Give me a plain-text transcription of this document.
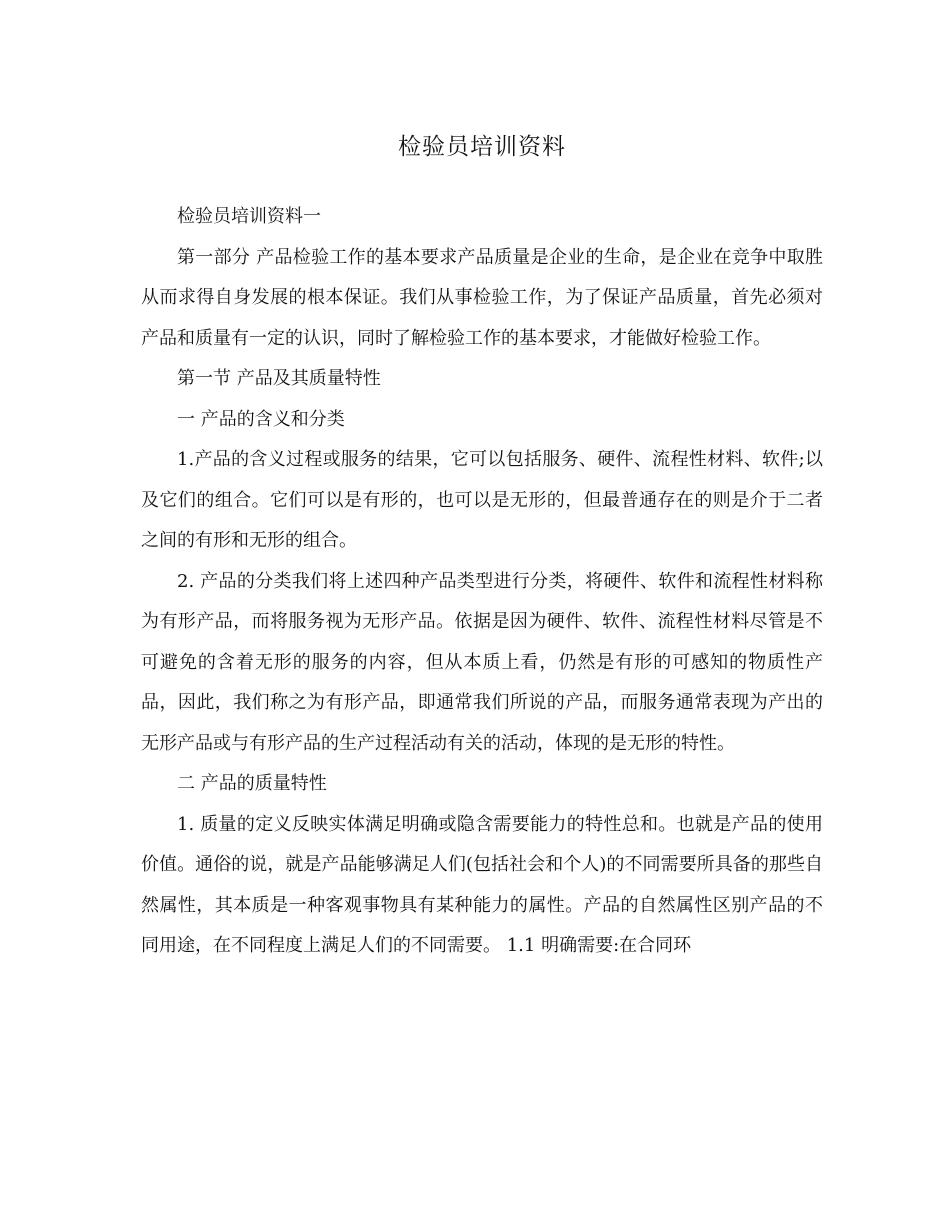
检验员培训资料

检验员培训资料一

第一部分 产品检验工作的基本要求产品质量是企业的生命，是企业在竞争中取胜从而求得自身发展的根本保证。我们从事检验工作，为了保证产品质量，首先必须对产品和质量有一定的认识，同时了解检验工作的基本要求，才能做好检验工作。

第一节 产品及其质量特性

一 产品的含义和分类

1.产品的含义过程或服务的结果，它可以包括服务、硬件、流程性材料、软件;以及它们的组合。它们可以是有形的，也可以是无形的，但最普通存在的则是介于二者之间的有形和无形的组合。

2. 产品的分类我们将上述四种产品类型进行分类，将硬件、软件和流程性材料称为有形产品，而将服务视为无形产品。依据是因为硬件、软件、流程性材料尽管是不可避免的含着无形的服务的内容，但从本质上看，仍然是有形的可感知的物质性产品，因此，我们称之为有形产品，即通常我们所说的产品，而服务通常表现为产出的无形产品或与有形产品的生产过程活动有关的活动，体现的是无形的特性。

二 产品的质量特性

1. 质量的定义反映实体满足明确或隐含需要能力的特性总和。也就是产品的使用价值。通俗的说，就是产品能够满足人们(包括社会和个人)的不同需要所具备的那些自然属性，其本质是一种客观事物具有某种能力的属性。产品的自然属性区别产品的不同用途，在不同程度上满足人们的不同需要。 1.1 明确需要:在合同环
